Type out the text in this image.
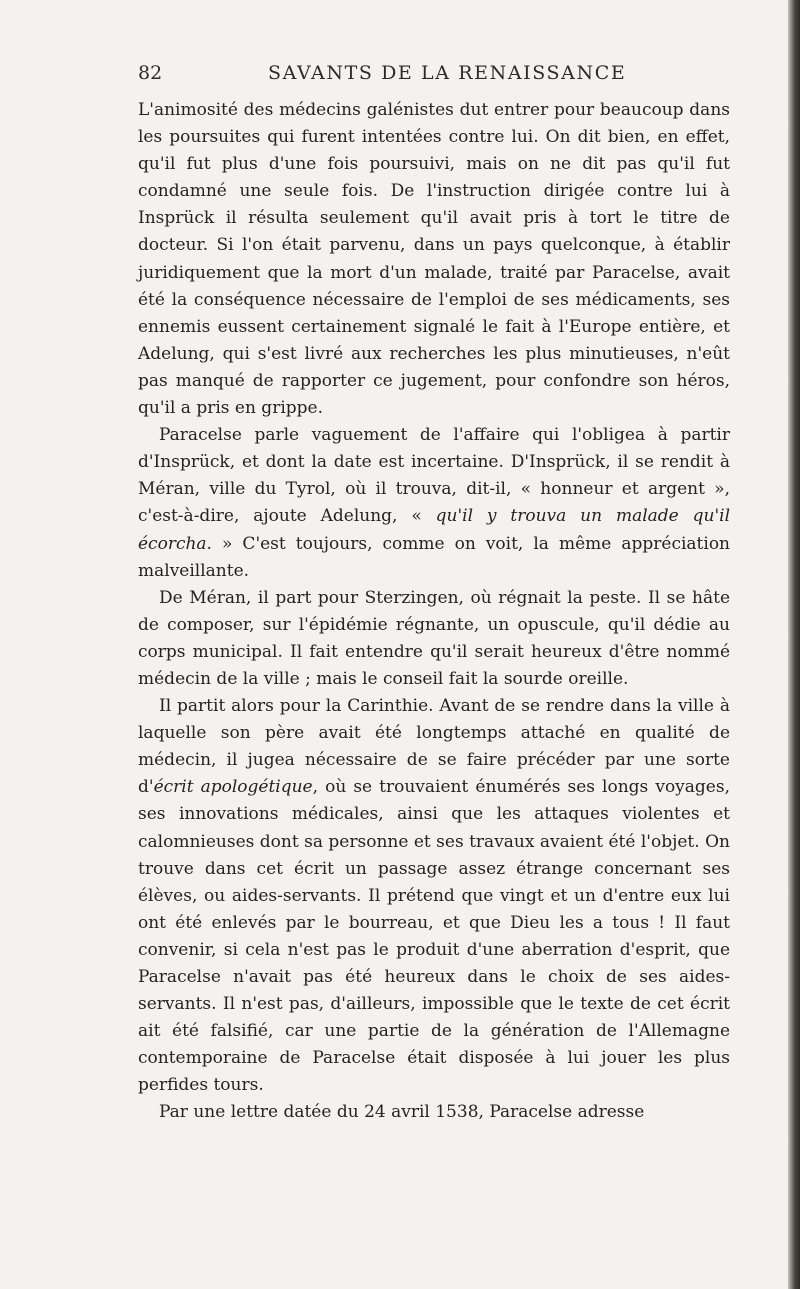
82	SAVANTS DE LA RENAISSANCE

L'animosité des médecins galénistes dut entrer pour beaucoup dans les poursuites qui furent intentées contre lui. On dit bien, en effet, qu'il fut plus d'une fois poursuivi, mais on ne dit pas qu'il fut condamné une seule fois. De l'instruction dirigée contre lui à Insprück il résulta seulement qu'il avait pris à tort le titre de docteur. Si l'on était parvenu, dans un pays quelconque, à établir juridiquement que la mort d'un malade, traité par Paracelse, avait été la conséquence nécessaire de l'emploi de ses médicaments, ses ennemis eussent certainement signalé le fait à l'Europe entière, et Adelung, qui s'est livré aux recherches les plus minutieuses, n'eût pas manqué de rapporter ce jugement, pour confondre son héros, qu'il a pris en grippe.

Paracelse parle vaguement de l'affaire qui l'obligea à partir d'Insprück, et dont la date est incertaine. D'Insprück, il se rendit à Méran, ville du Tyrol, où il trouva, dit-il, « honneur et argent », c'est-à-dire, ajoute Adelung, « qu'il y trouva un malade qu'il écorcha. » C'est toujours, comme on voit, la même appréciation malveillante.

De Méran, il part pour Sterzingen, où régnait la peste. Il se hâte de composer, sur l'épidémie régnante, un opuscule, qu'il dédie au corps municipal. Il fait entendre qu'il serait heureux d'être nommé médecin de la ville ; mais le conseil fait la sourde oreille.

Il partit alors pour la Carinthie. Avant de se rendre dans la ville à laquelle son père avait été longtemps attaché en qualité de médecin, il jugea nécessaire de se faire précéder par une sorte d'écrit apologétique, où se trouvaient énumérés ses longs voyages, ses innovations médicales, ainsi que les attaques violentes et calomnieuses dont sa personne et ses travaux avaient été l'objet. On trouve dans cet écrit un passage assez étrange concernant ses élèves, ou aides-servants. Il prétend que vingt et un d'entre eux lui ont été enlevés par le bourreau, et que Dieu les a tous ! Il faut convenir, si cela n'est pas le produit d'une aberration d'esprit, que Paracelse n'avait pas été heureux dans le choix de ses aides-servants. Il n'est pas, d'ailleurs, impossible que le texte de cet écrit ait été falsifié, car une partie de la génération de l'Allemagne contemporaine de Paracelse était disposée à lui jouer les plus perfides tours.

Par une lettre datée du 24 avril 1538, Paracelse adresse
